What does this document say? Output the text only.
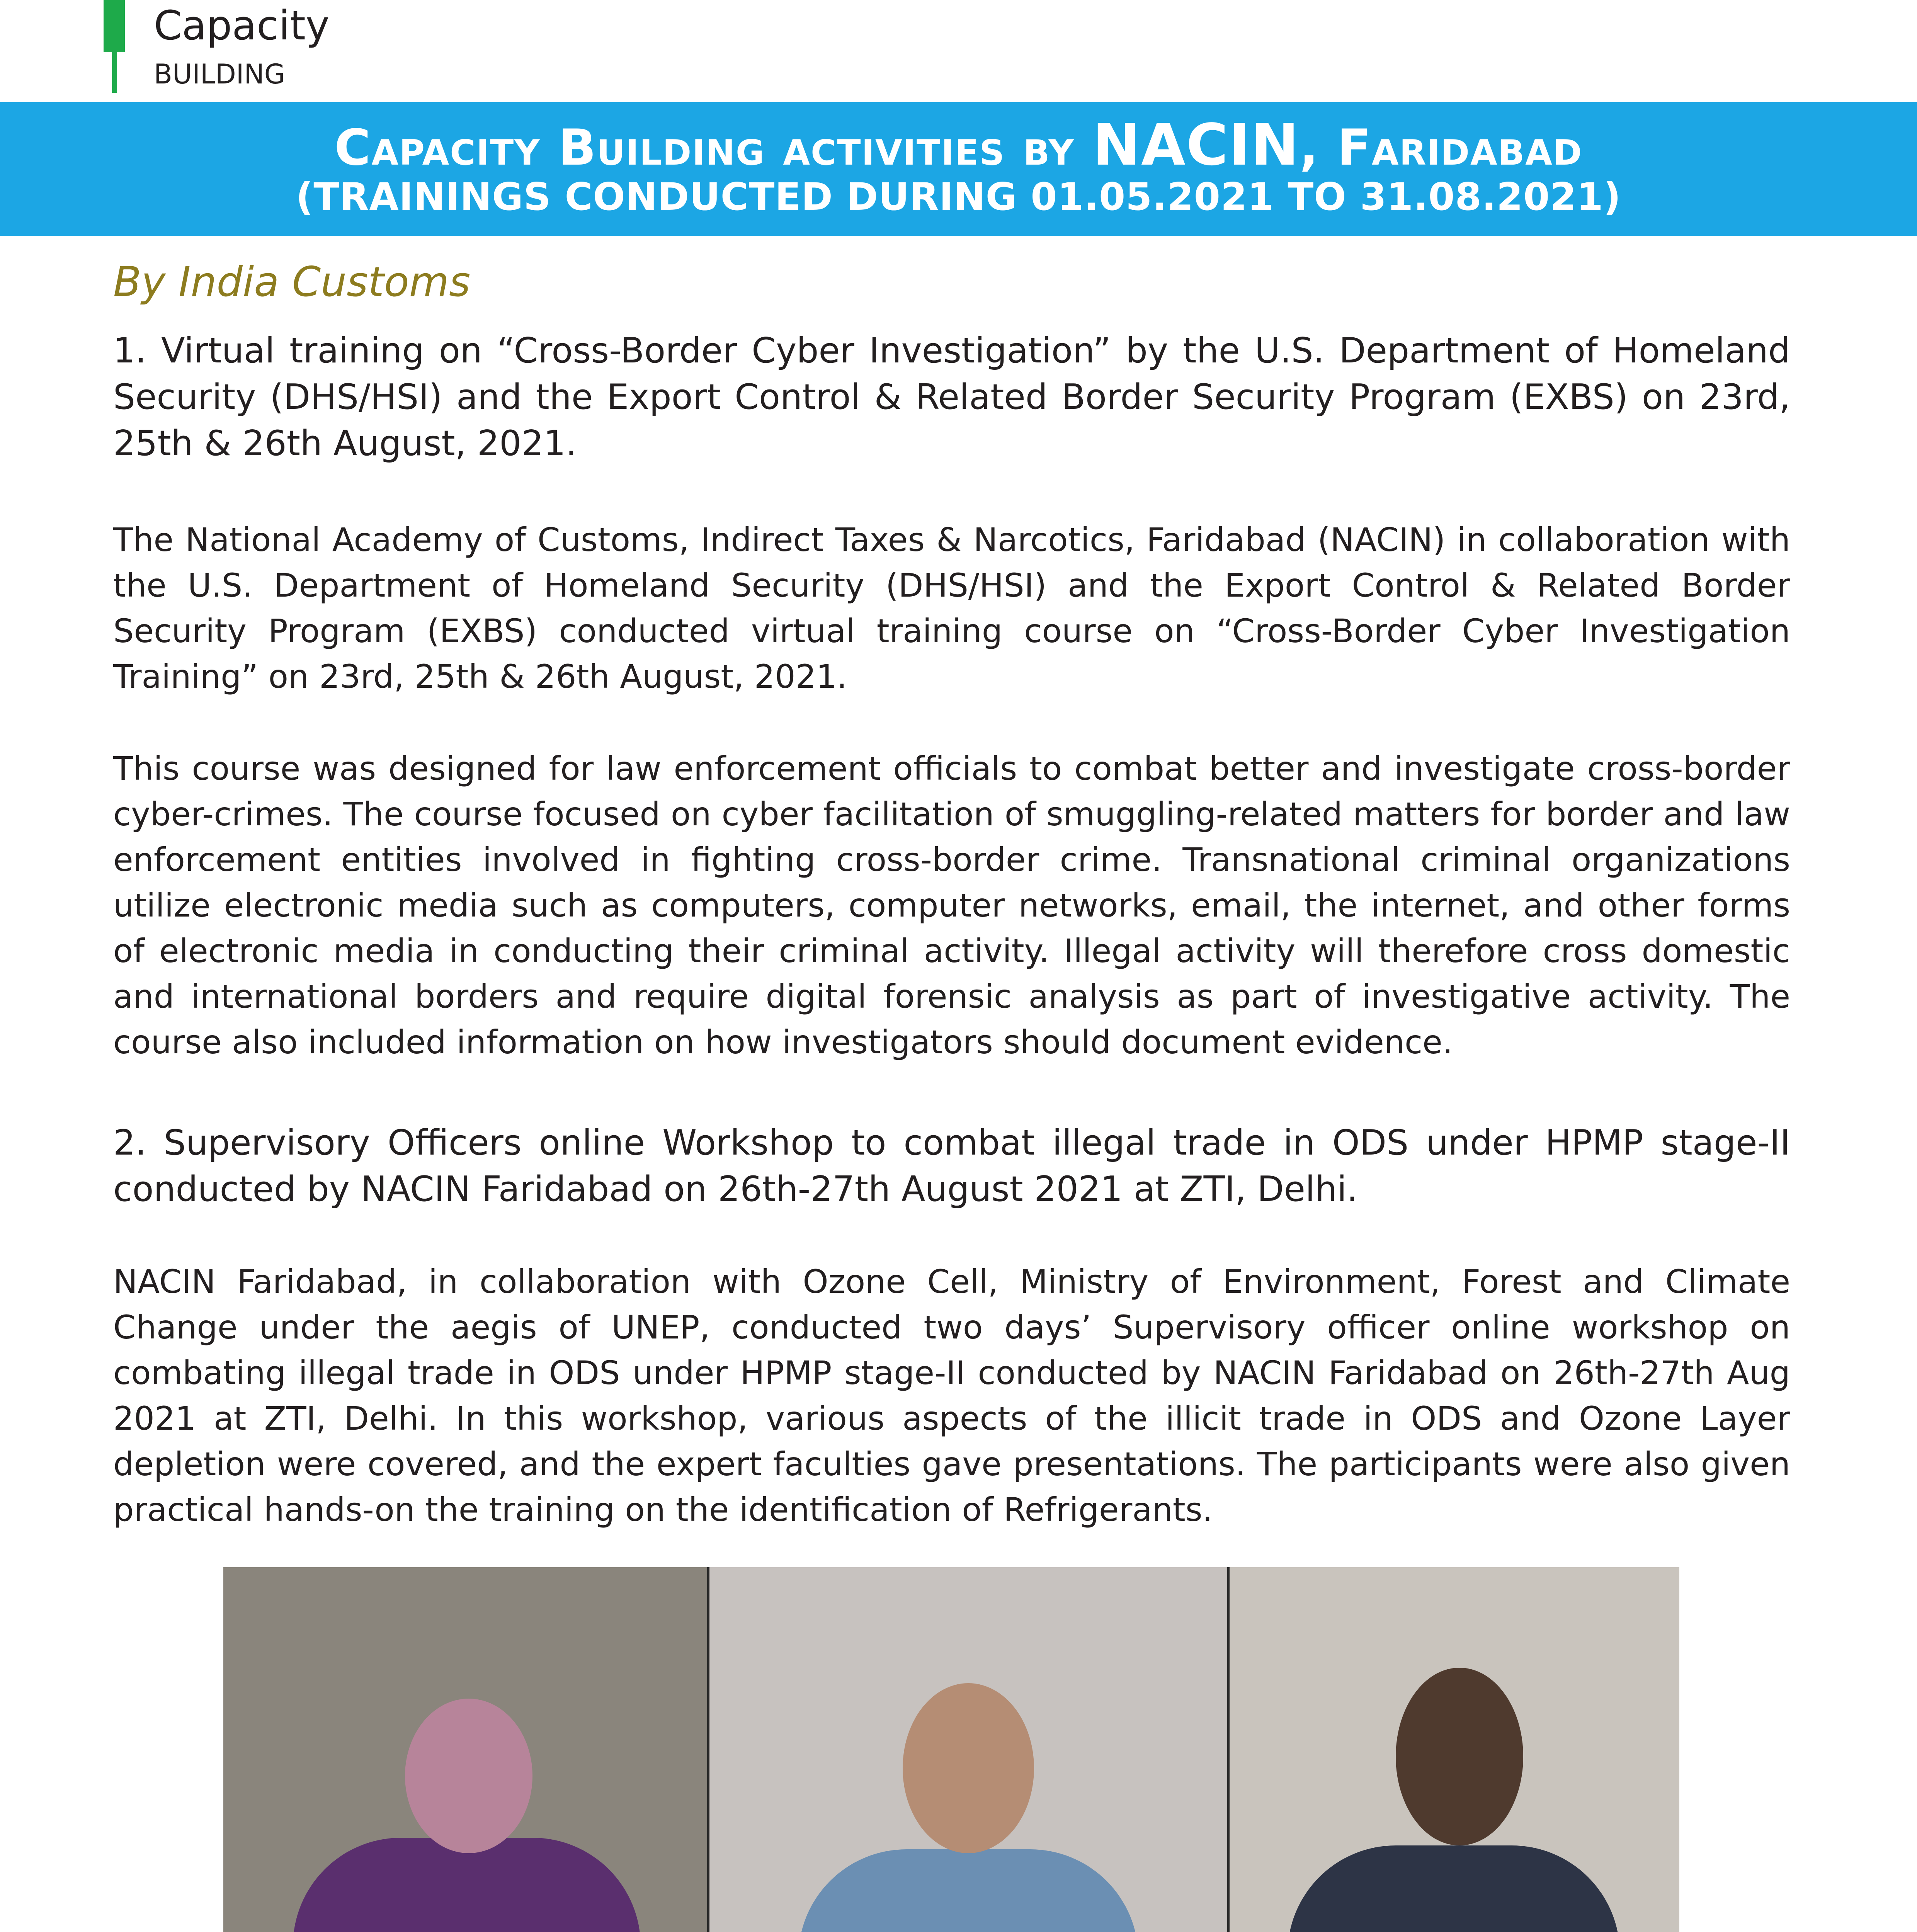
Capacity
BUILDING
Capacity Building activities by NACIN, Faridabad
(TRAININGS CONDUCTED DURING 01.05.2021 TO 31.08.2021)
By India Customs
1. Virtual training on “Cross-Border Cyber Investigation” by the U.S. Department of Homeland Security (DHS/HSI) and the Export Control & Related Border Security Program (EXBS) on 23rd, 25th & 26th August, 2021.
The National Academy of Customs, Indirect Taxes & Narcotics, Faridabad (NACIN) in collaboration with the U.S. Department of Homeland Security (DHS/HSI) and the Export Control & Related Border Security Program (EXBS) conducted virtual training course on “Cross-Border Cyber Investigation Training” on 23rd, 25th & 26th August, 2021.
This course was designed for law enforcement officials to combat better and investigate cross-border cyber-crimes. The course focused on cyber facilitation of smuggling-related matters for border and law enforcement entities involved in fighting cross-border crime. Transnational criminal organizations utilize electronic media such as computers, computer networks, email, the internet, and other forms of electronic media in conducting their criminal activity. Illegal activity will therefore cross domestic and international borders and require digital forensic analysis as part of investigative activity. The course also included information on how investigators should document evidence.
2. Supervisory Officers online Workshop to combat illegal trade in ODS under HPMP stage-II conducted by NACIN Faridabad on 26th-27th August 2021 at ZTI, Delhi.
NACIN Faridabad, in collaboration with Ozone Cell, Ministry of Environment, Forest and Climate Change under the aegis of UNEP, conducted two days’ Supervisory officer online workshop on combating illegal trade in ODS under HPMP stage-II conducted by NACIN Faridabad on 26th-27th Aug 2021 at ZTI, Delhi. In this workshop, various aspects of the illicit trade in ODS and Ozone Layer depletion were covered, and the expert faculties gave presentations. The participants were also given practical hands-on the training on the identification of Refrigerants.
